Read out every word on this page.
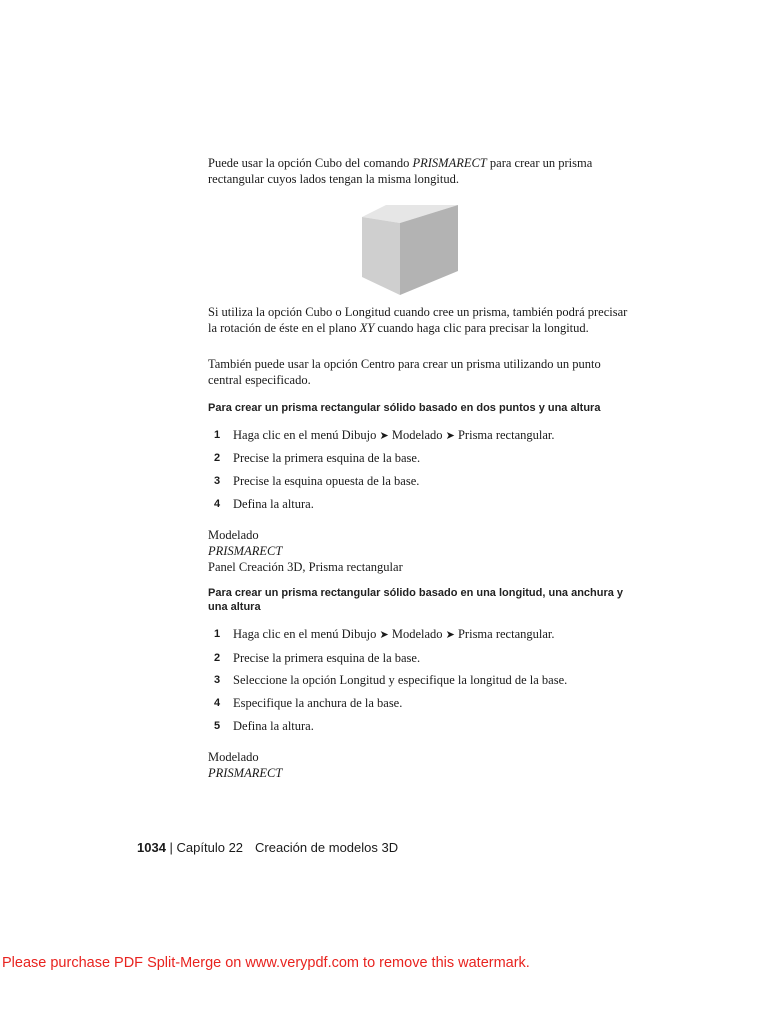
Puede usar la opción Cubo del comando PRISMARECT para crear un prisma rectangular cuyos lados tengan la misma longitud.
Si utiliza la opción Cubo o Longitud cuando cree un prisma, también podrá precisar la rotación de éste en el plano XY cuando haga clic para precisar la longitud.
También puede usar la opción Centro para crear un prisma utilizando un punto central especificado.
Para crear un prisma rectangular sólido basado en dos puntos y una altura
1	Haga clic en el menú Dibujo ➤ Modelado ➤ Prisma rectangular.
2	Precise la primera esquina de la base.
3	Precise la esquina opuesta de la base.
4	Defina la altura.
Modelado
PRISMARECT
Panel Creación 3D, Prisma rectangular
Para crear un prisma rectangular sólido basado en una longitud, una anchura y una altura
1	Haga clic en el menú Dibujo ➤ Modelado ➤ Prisma rectangular.
2	Precise la primera esquina de la base.
3	Seleccione la opción Longitud y especifique la longitud de la base.
4	Especifique la anchura de la base.
5	Defina la altura.
Modelado
PRISMARECT
1034 | Capítulo 22 Creación de modelos 3D
Please purchase PDF Split-Merge on www.verypdf.com to remove this watermark.
